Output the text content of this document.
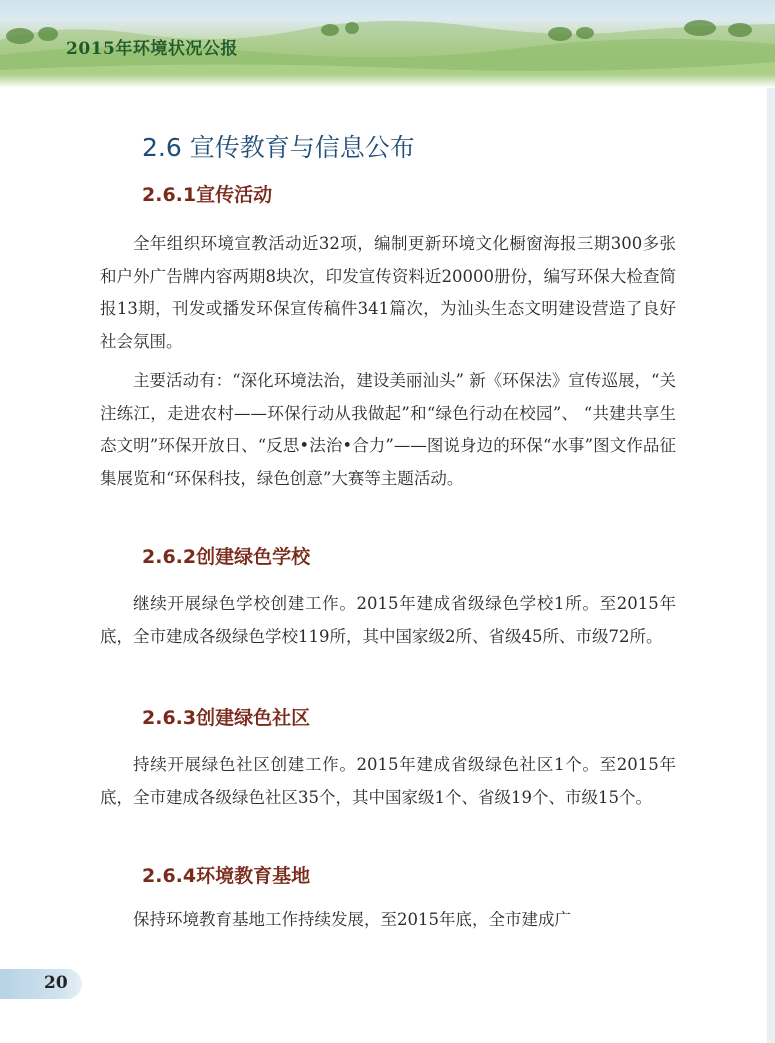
2015年环境状况公报
2.6 宣传教育与信息公布
2.6.1宣传活动

全年组织环境宣教活动近32项，编制更新环境文化橱窗海报三期300多张和户外广告牌内容两期8块次，印发宣传资料近20000册份，编写环保大检查简报13期，刊发或播发环保宣传稿件341篇次，为汕头生态文明建设营造了良好社会氛围。

主要活动有：“深化环境法治，建设美丽汕头” 新《环保法》宣传巡展，“关注练江，走进农村——环保行动从我做起”和“绿色行动在校园”、 “共建共享生态文明”环保开放日、“反思•法治•合力”——图说身边的环保“水事”图文作品征集展览和“环保科技，绿色创意”大赛等主题活动。

2.6.2创建绿色学校

继续开展绿色学校创建工作。2015年建成省级绿色学校1所。至2015年底，全市建成各级绿色学校119所，其中国家级2所、省级45所、市级72所。

2.6.3创建绿色社区

持续开展绿色社区创建工作。2015年建成省级绿色社区1个。至2015年底，全市建成各级绿色社区35个，其中国家级1个、省级19个、市级15个。

2.6.4环境教育基地

保持环境教育基地工作持续发展，至2015年底，全市建成广

20
